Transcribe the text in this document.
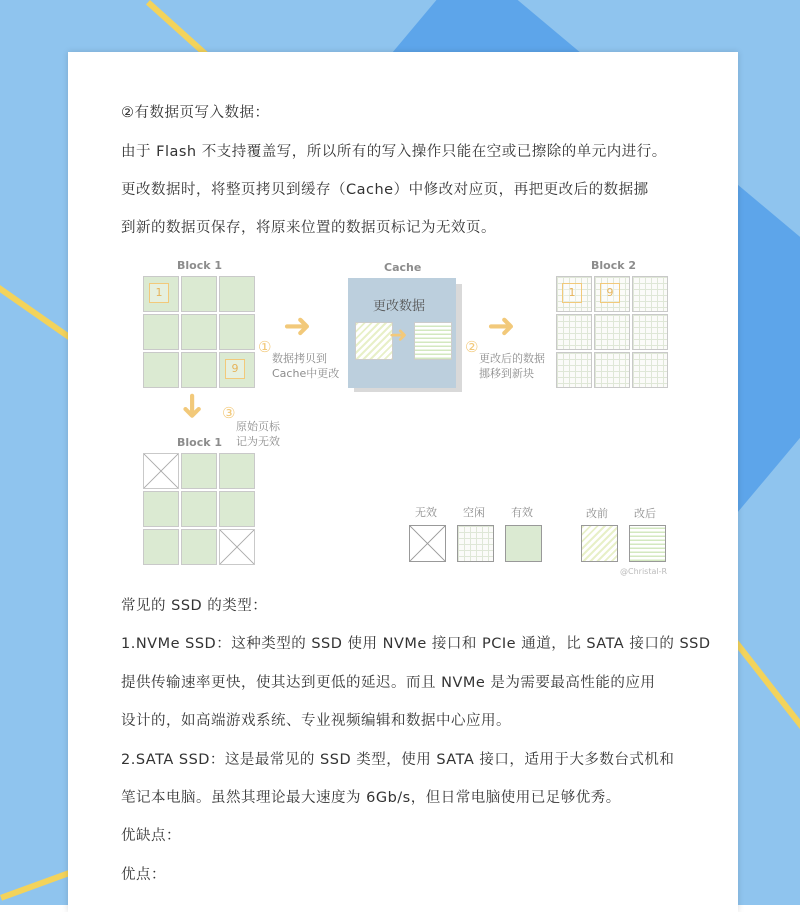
②有数据页写入数据：
由于 Flash 不支持覆盖写，所以所有的写入操作只能在空或已擦除的单元内进行。
更改数据时，将整页拷贝到缓存（Cache）中修改对应页，再把更改后的数据挪
到新的数据页保存，将原来位置的数据页标记为无效页。
Block 1
1
9
➜
①
数据拷贝到
Cache中更改
Cache
更改数据
➜ ➜
②
更改后的数据
挪移到新块
Block 2
1	9
➜ ③
原始页标
记为无效
Block 1
无效 空闲 有效	改前 改后
@Christal-R
常见的 SSD 的类型：
1.NVMe SSD：这种类型的 SSD 使用 NVMe 接口和 PCIe 通道，比 SATA 接口的 SSD
提供传输速率更快，使其达到更低的延迟。而且 NVMe 是为需要最高性能的应用
设计的，如高端游戏系统、专业视频编辑和数据中心应用。
2.SATA SSD：这是最常见的 SSD 类型，使用 SATA 接口，适用于大多数台式机和
笔记本电脑。虽然其理论最大速度为 6Gb/s，但日常电脑使用已足够优秀。
优缺点：
优点：
